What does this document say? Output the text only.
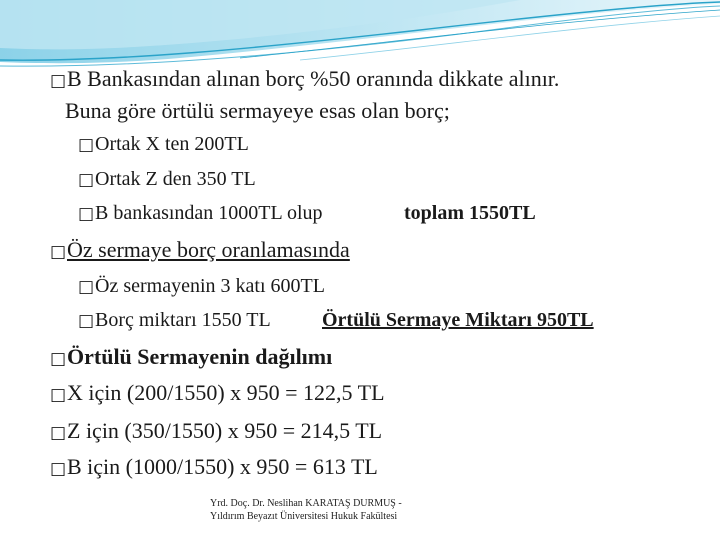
□B Bankasından alınan borç %50 oranında dikkate alınır.
Buna göre örtülü sermayeye esas olan borç;
□Ortak X ten 200TL
□Ortak Z den 350 TL
□B bankasından 1000TL olup	toplam 1550TL
□Öz sermaye borç oranlamasında
□Öz sermayenin 3 katı 600TL
□Borç miktarı 1550 TL	Örtülü Sermaye Miktarı 950TL
□Örtülü Sermayenin dağılımı
□X için (200/1550) x 950 = 122,5 TL
□Z için (350/1550) x 950 = 214,5 TL
□B için (1000/1550) x 950 = 613 TL
Yrd. Doç. Dr. Neslihan KARATAŞ DURMUŞ -
Yıldırım Beyazıt Üniversitesi Hukuk Fakültesi
